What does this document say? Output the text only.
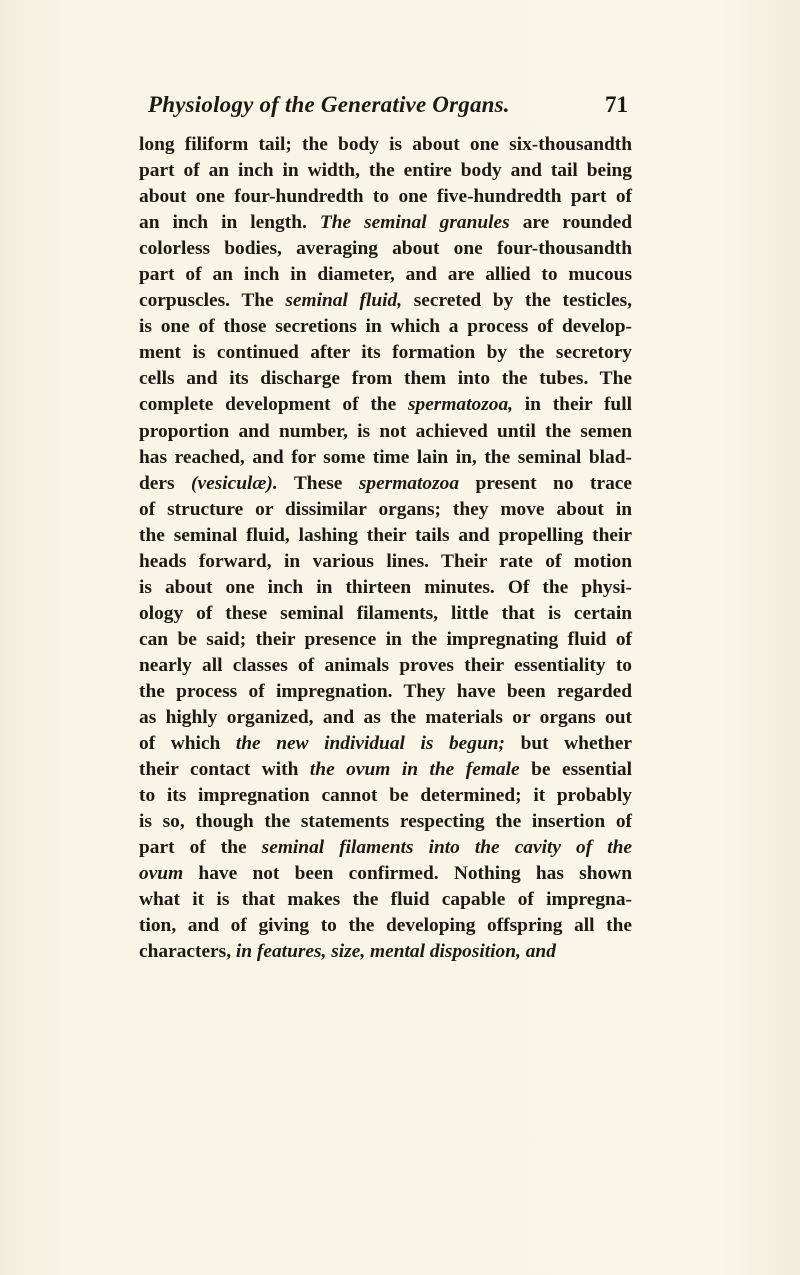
Physiology of the Generative Organs.	71
long filiform tail; the body is about one six-thousandth
part of an inch in width, the entire body and tail being
about one four-hundredth to one five-hundredth part of
an inch in length. The seminal granules are rounded
colorless bodies, averaging about one four-thousandth
part of an inch in diameter, and are allied to mucous
corpuscles. The seminal fluid, secreted by the testicles,
is one of those secretions in which a process of develop-
ment is continued after its formation by the secretory
cells and its discharge from them into the tubes. The
complete development of the spermatozoa, in their full
proportion and number, is not achieved until the semen
has reached, and for some time lain in, the seminal blad-
ders (vesiculæ). These spermatozoa present no trace
of structure or dissimilar organs; they move about in
the seminal fluid, lashing their tails and propelling their
heads forward, in various lines. Their rate of motion
is about one inch in thirteen minutes. Of the physi-
ology of these seminal filaments, little that is certain
can be said; their presence in the impregnating fluid of
nearly all classes of animals proves their essentiality to
the process of impregnation. They have been regarded
as highly organized, and as the materials or organs out
of which the new individual is begun; but whether
their contact with the ovum in the female be essential
to its impregnation cannot be determined; it probably
is so, though the statements respecting the insertion of
part of the seminal filaments into the cavity of the
ovum have not been confirmed. Nothing has shown
what it is that makes the fluid capable of impregna-
tion, and of giving to the developing offspring all the
characters, in features, size, mental disposition, and
